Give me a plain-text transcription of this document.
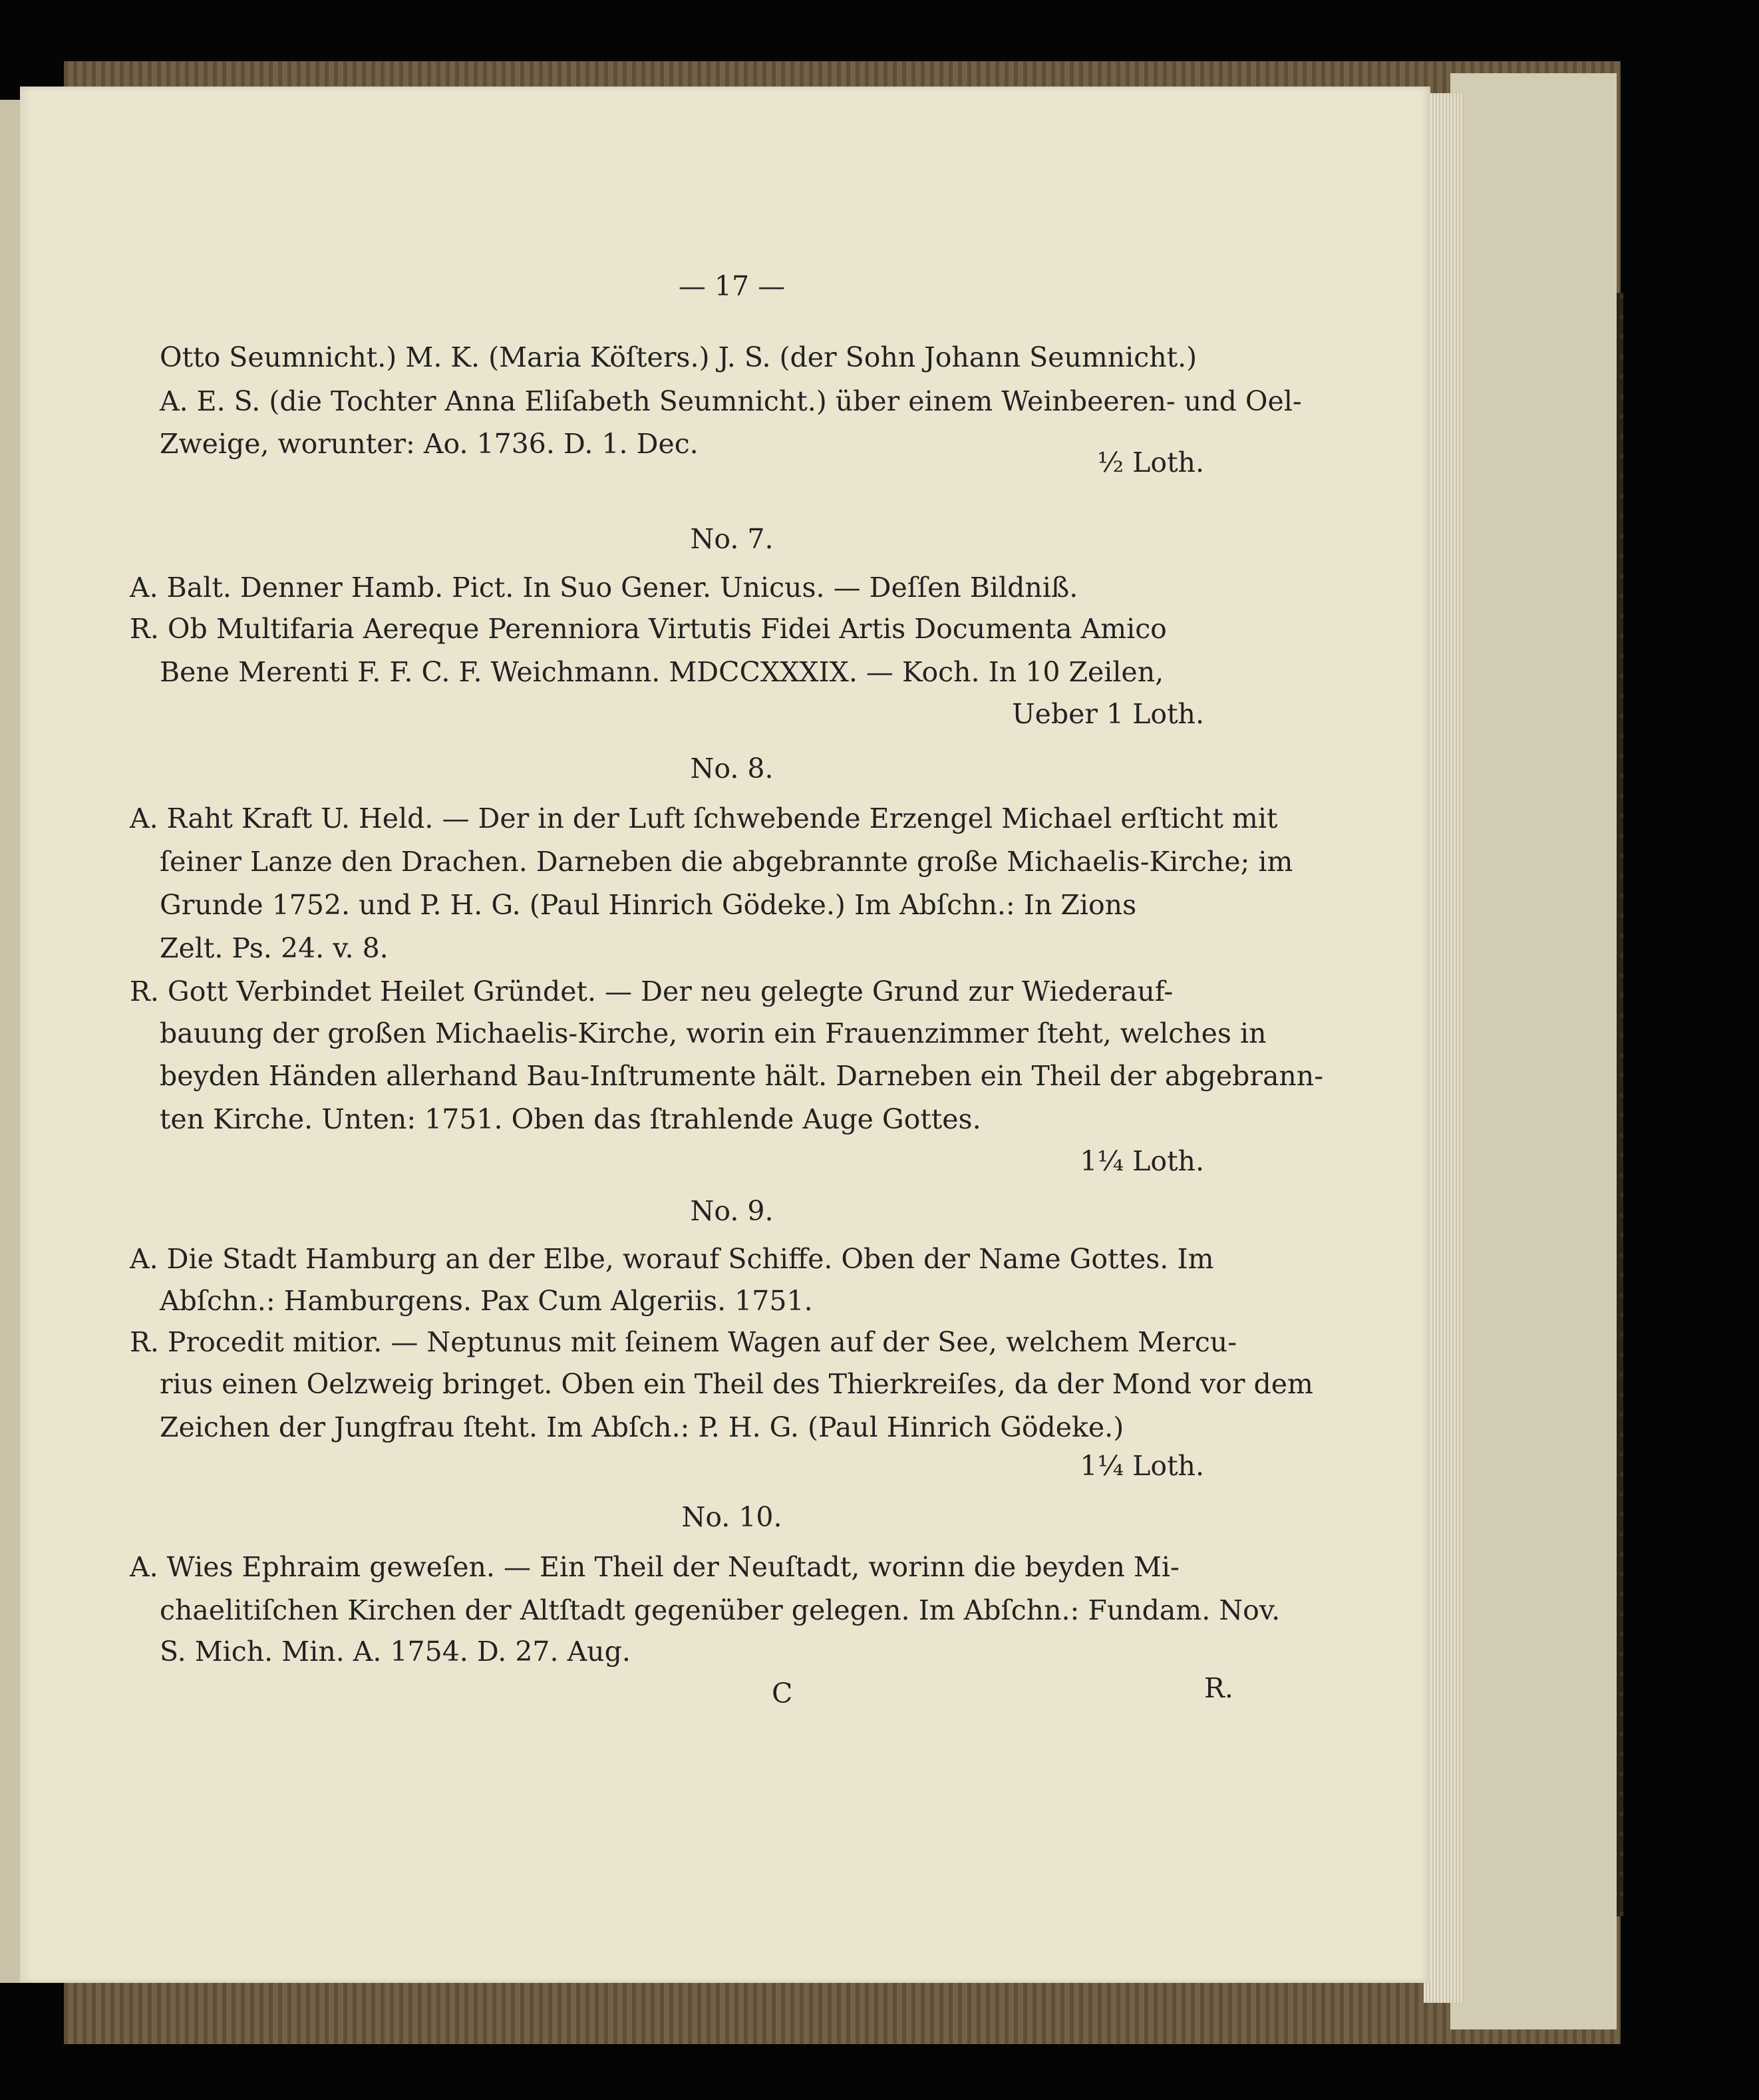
— 17 —

Otto Seumnicht.) M. K. (Maria Köſters.) J. S. (der Sohn Johann Seumnicht.)

A. E. S. (die Tochter Anna Eliſabeth Seumnicht.) über einem Weinbeeren- und Oel-

Zweige, worunter: Ao. 1736. D. 1. Dec.

½ Loth.

No. 7.

A. Balt. Denner Hamb. Pict. In Suo Gener. Unicus. — Deſſen Bildniß.

R. Ob Multifaria Aereque Perenniora Virtutis Fidei Artis Documenta Amico

Bene Merenti F. F. C. F. Weichmann. MDCCXXXIX. — Koch. In 10 Zeilen,

Ueber 1 Loth.

No. 8.

A. Raht Kraft U. Held. — Der in der Luft ſchwebende Erzengel Michael erſticht mit

ſeiner Lanze den Drachen. Darneben die abgebrannte große Michaelis-Kirche; im

Grunde 1752. und P. H. G. (Paul Hinrich Gödeke.) Im Abſchn.: In Zions

Zelt. Ps. 24. v. 8.

R. Gott Verbindet Heilet Gründet. — Der neu gelegte Grund zur Wiederauf-

bauung der großen Michaelis-Kirche, worin ein Frauenzimmer ſteht, welches in

beyden Händen allerhand Bau-Inſtrumente hält. Darneben ein Theil der abgebrann-

ten Kirche. Unten: 1751. Oben das ſtrahlende Auge Gottes.

1¼ Loth.

No. 9.

A. Die Stadt Hamburg an der Elbe, worauf Schiffe. Oben der Name Gottes. Im

Abſchn.: Hamburgens. Pax Cum Algeriis. 1751.

R. Procedit mitior. — Neptunus mit ſeinem Wagen auf der See, welchem Mercu-

rius einen Oelzweig bringet. Oben ein Theil des Thierkreiſes, da der Mond vor dem

Zeichen der Jungfrau ſteht. Im Abſch.: P. H. G. (Paul Hinrich Gödeke.)

1¼ Loth.

No. 10.

A. Wies Ephraim geweſen. — Ein Theil der Neuſtadt, worinn die beyden Mi-

chaelitiſchen Kirchen der Altſtadt gegenüber gelegen. Im Abſchn.: Fundam. Nov.

S. Mich. Min. A. 1754. D. 27. Aug.

C	R.
